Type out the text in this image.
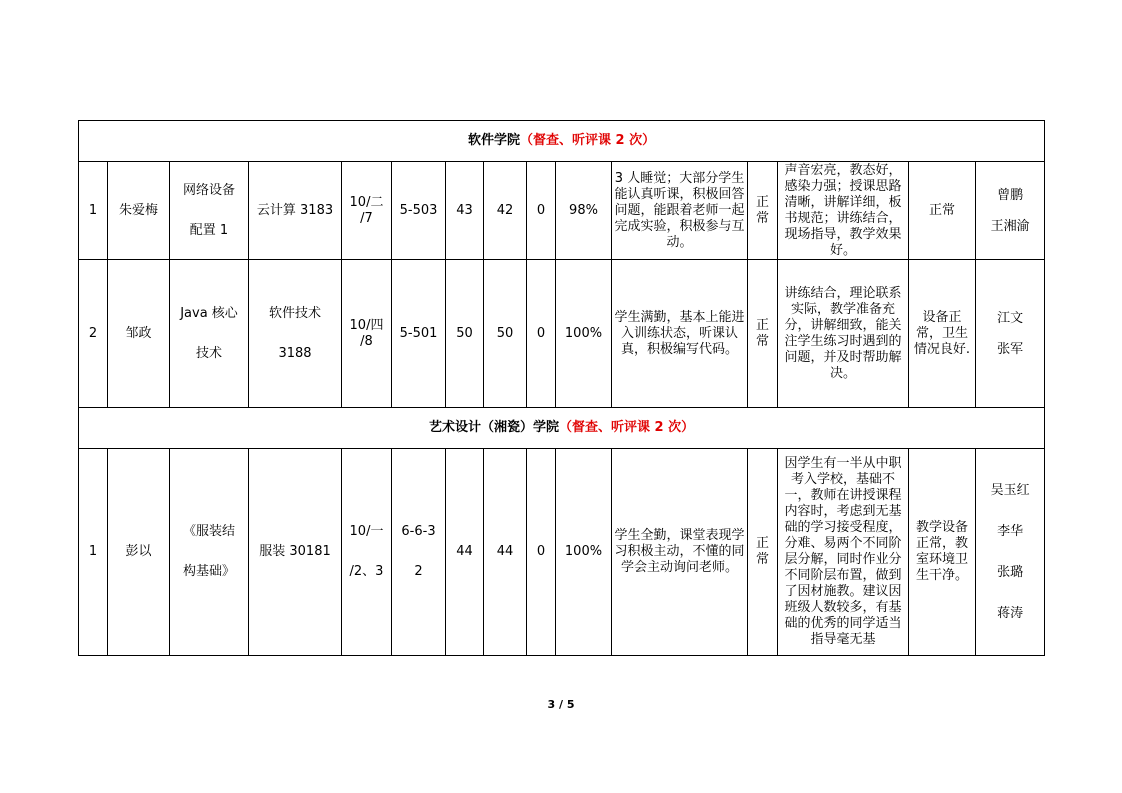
软件学院（督查、听评课 2 次）														
1	朱爱梅	网络设备
配置 1	云计算 3183	10/二
/7	5-503	43	42	0	98%	3 人睡觉；大部分学生能认真听课，积极回答问题，能跟着老师一起完成实验，积极参与互动。	正常	声音宏亮，教态好，感染力强；授课思路清晰，讲解详细，板书规范；讲练结合，现场指导，教学效果好。	正常	曾鹏
王湘渝

2	邹政	Java 核心
技术	软件技术
3188	10/四
/8	5-501	50	50	0	100%	学生满勤，基本上能进入训练状态，听课认真，积极编写代码。	正常	讲练结合，理论联系实际，教学准备充分，讲解细致，能关注学生练习时遇到的问题，并及时帮助解决。	设备正常，卫生情况良好.	江文
张军

艺术设计（湘瓷）学院（督查、听评课 2 次）														
1	彭以	《服装结
构基础》	服装 30181	10/一
/2、3	6-6-3
2	44	44	0	100%	学生全勤，课堂表现学习积极主动，不懂的同学会主动询问老师。	正常	因学生有一半从中职考入学校，基础不一，教师在讲授课程内容时，考虑到无基础的学习接受程度，分难、易两个不同阶层分解，同时作业分不同阶层布置，做到了因材施教。建议因班级人数较多，有基础的优秀的同学适当指导毫无基	教学设备正常，教室环境卫生干净。	吴玉红
李华
张璐
蒋涛
3 / 5
